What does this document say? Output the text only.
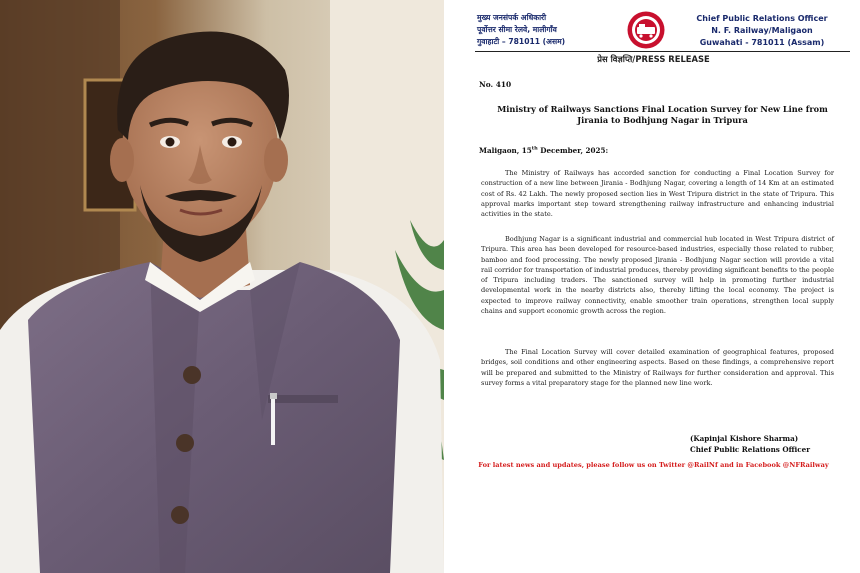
मुख्य जनसंपर्क अधिकारी
पूर्वोत्तर सीमा रेलवे, मालीगाँव
गुवाहाटी – 781011 (असम)
Chief Public Relations Officer
N. F. Railway/Maligaon
Guwahati - 781011 (Assam)
प्रेस विज्ञप्ति/PRESS RELEASE
No. 410
Ministry of Railways Sanctions Final Location Survey for New Line from Jirania to Bodhjung Nagar in Tripura
Maligaon, 15th December, 2025:
The Ministry of Railways has accorded sanction for conducting a Final Location Survey for construction of a new line between Jirania - Bodhjung Nagar, covering a length of 14 Km at an estimated cost of Rs. 42 Lakh. The newly proposed section lies in West Tripura district in the state of Tripura. This approval marks important step toward strengthening railway infrastructure and enhancing industrial activities in the state.
Bodhjung Nagar is a significant industrial and commercial hub located in West Tripura district of Tripura. This area has been developed for resource-based industries, especially those related to rubber, bamboo and food processing. The newly proposed Jirania - Bodhjung Nagar section will provide a vital rail corridor for transportation of industrial produces, thereby providing significant benefits to the people of Tripura including traders. The sanctioned survey will help in promoting further industrial developmental work in the nearby districts also, thereby lifting the local economy. The project is expected to improve railway connectivity, enable smoother train operations, strengthen local supply chains and support economic growth across the region.
The Final Location Survey will cover detailed examination of geographical features, proposed bridges, soil conditions and other engineering aspects. Based on these findings, a comprehensive report will be prepared and submitted to the Ministry of Railways for further consideration and approval. This survey forms a vital preparatory stage for the planned new line work.
(Kapinjal Kishore Sharma)
Chief Public Relations Officer
For latest news and updates, please follow us on Twitter @RailNf and in Facebook @NFRailway
